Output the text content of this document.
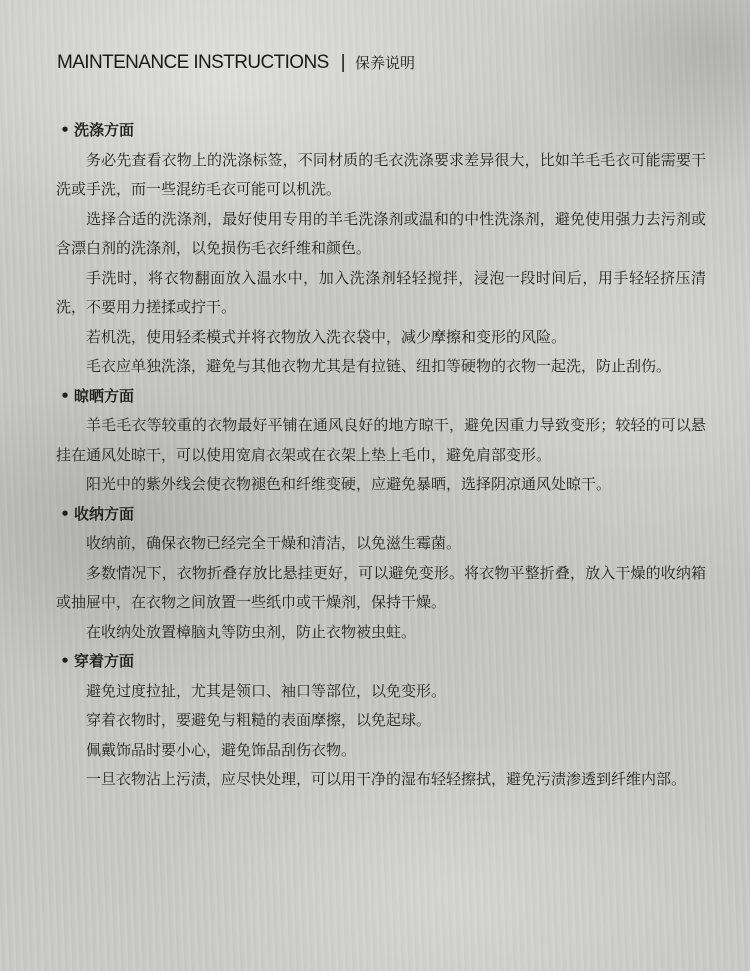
MAINTENANCE INSTRUCTIONS | 保养说明

• 洗涤方面

务必先查看衣物上的洗涤标签，不同材质的毛衣洗涤要求差异很大，比如羊毛毛衣可能需要干洗或手洗，而一些混纺毛衣可能可以机洗。

选择合适的洗涤剂，最好使用专用的羊毛洗涤剂或温和的中性洗涤剂，避免使用强力去污剂或含漂白剂的洗涤剂，以免损伤毛衣纤维和颜色。

手洗时，将衣物翻面放入温水中，加入洗涤剂轻轻搅拌，浸泡一段时间后，用手轻轻挤压清洗，不要用力搓揉或拧干。

若机洗，使用轻柔模式并将衣物放入洗衣袋中，减少摩擦和变形的风险。

毛衣应单独洗涤，避免与其他衣物尤其是有拉链、纽扣等硬物的衣物一起洗，防止刮伤。

• 晾晒方面

羊毛毛衣等较重的衣物最好平铺在通风良好的地方晾干，避免因重力导致变形；较轻的可以悬挂在通风处晾干，可以使用宽肩衣架或在衣架上垫上毛巾，避免肩部变形。

阳光中的紫外线会使衣物褪色和纤维变硬，应避免暴晒，选择阴凉通风处晾干。

• 收纳方面

收纳前，确保衣物已经完全干燥和清洁，以免滋生霉菌。

多数情况下，衣物折叠存放比悬挂更好，可以避免变形。将衣物平整折叠，放入干燥的收纳箱或抽屉中，在衣物之间放置一些纸巾或干燥剂，保持干燥。

在收纳处放置樟脑丸等防虫剂，防止衣物被虫蛀。

• 穿着方面

避免过度拉扯，尤其是领口、袖口等部位，以免变形。

穿着衣物时，要避免与粗糙的表面摩擦，以免起球。

佩戴饰品时要小心，避免饰品刮伤衣物。

一旦衣物沾上污渍，应尽快处理，可以用干净的湿布轻轻擦拭，避免污渍渗透到纤维内部。
